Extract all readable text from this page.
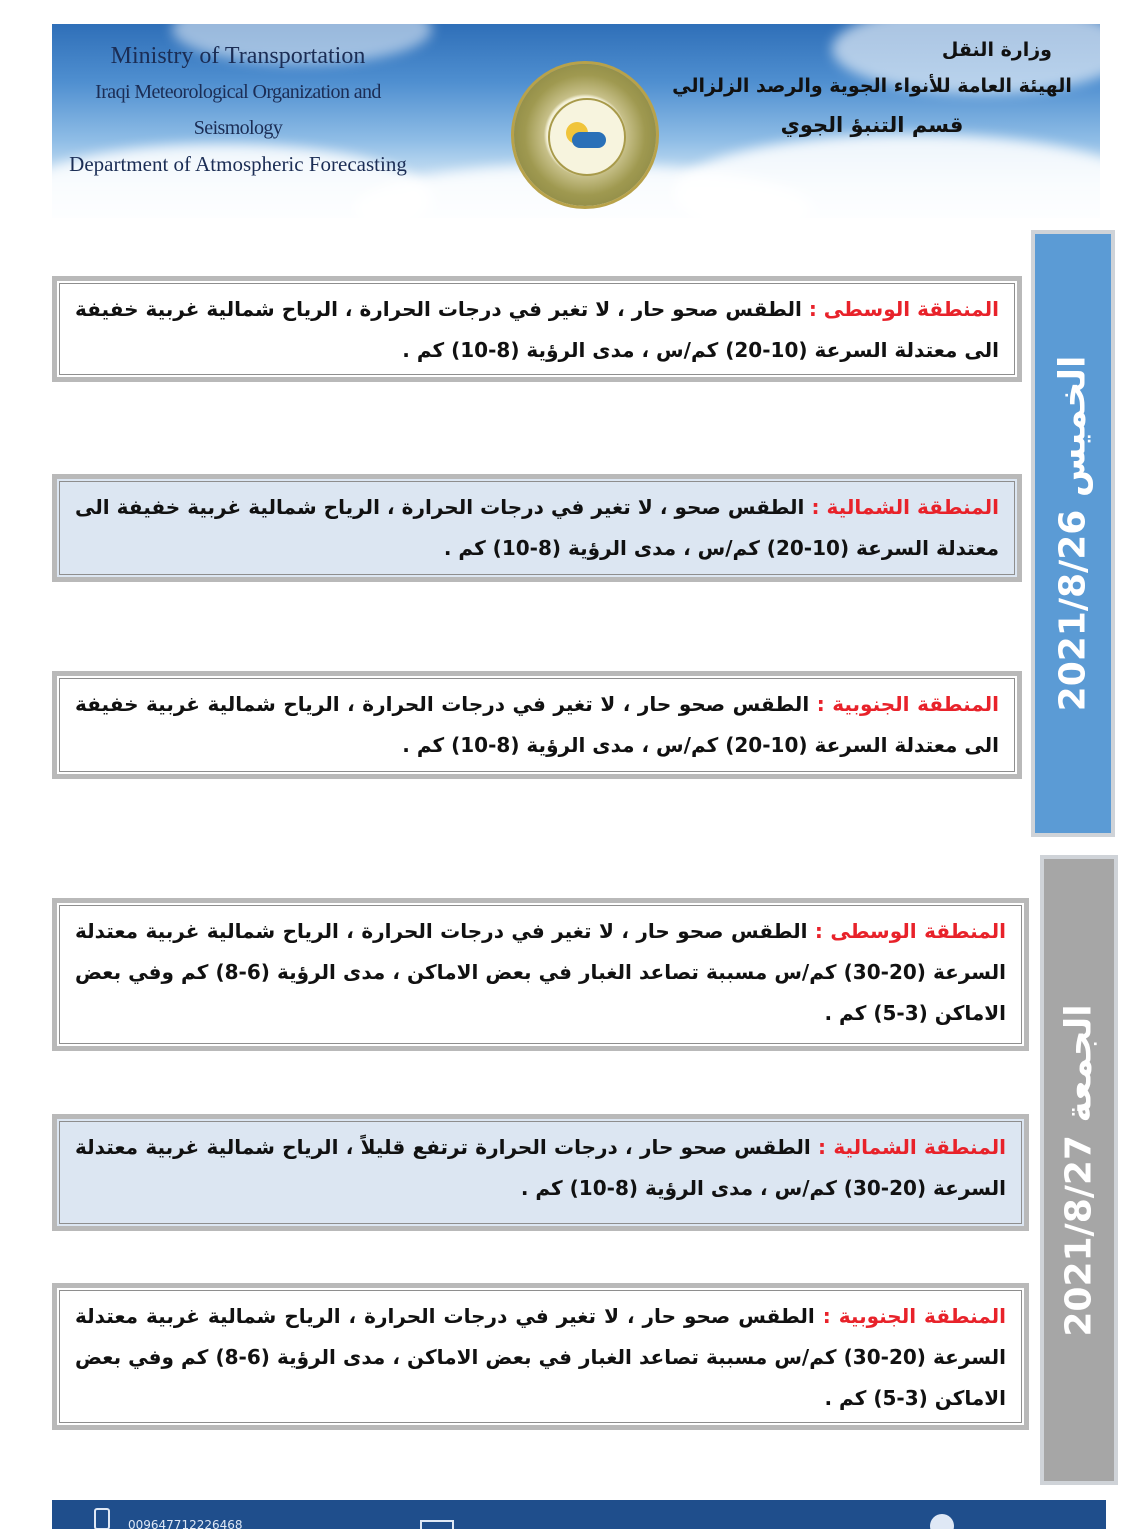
Ministry of Transportation
Iraqi Meteorological Organization and Seismology
Department of Atmospheric Forecasting
وزارة النقل
الهيئة العامة للأنواء الجوية والرصد الزلزالي
قسم التنبؤ الجوي
الخميس 2021/8/26
المنطقة الوسطى : الطقس صحو حار ، لا تغير في درجات الحرارة ، الرياح شمالية غربية خفيفة الى معتدلة السرعة (10-20) كم/س ، مدى الرؤية (8-10) كم .
المنطقة الشمالية : الطقس صحو ، لا تغير في درجات الحرارة ، الرياح شمالية غربية خفيفة الى معتدلة السرعة (10-20) كم/س ، مدى الرؤية (8-10) كم .
المنطقة الجنوبية : الطقس صحو حار ، لا تغير في درجات الحرارة ، الرياح شمالية غربية خفيفة الى معتدلة السرعة (10-20) كم/س ، مدى الرؤية (8-10) كم .
الجمعة 2021/8/27
المنطقة الوسطى : الطقس صحو حار ، لا تغير في درجات الحرارة ، الرياح شمالية غربية معتدلة السرعة (20-30) كم/س مسببة تصاعد الغبار في بعض الاماكن ، مدى الرؤية (6-8) كم وفي بعض الاماكن (3-5) كم .
المنطقة الشمالية : الطقس صحو حار ، درجات الحرارة ترتفع قليلاً ، الرياح شمالية غربية معتدلة السرعة (20-30) كم/س ، مدى الرؤية (8-10) كم .
المنطقة الجنوبية : الطقس صحو حار ، لا تغير في درجات الحرارة ، الرياح شمالية غربية معتدلة السرعة (20-30) كم/س مسببة تصاعد الغبار في بعض الاماكن ، مدى الرؤية (6-8) كم وفي بعض الاماكن (3-5) كم .
009647712226468
